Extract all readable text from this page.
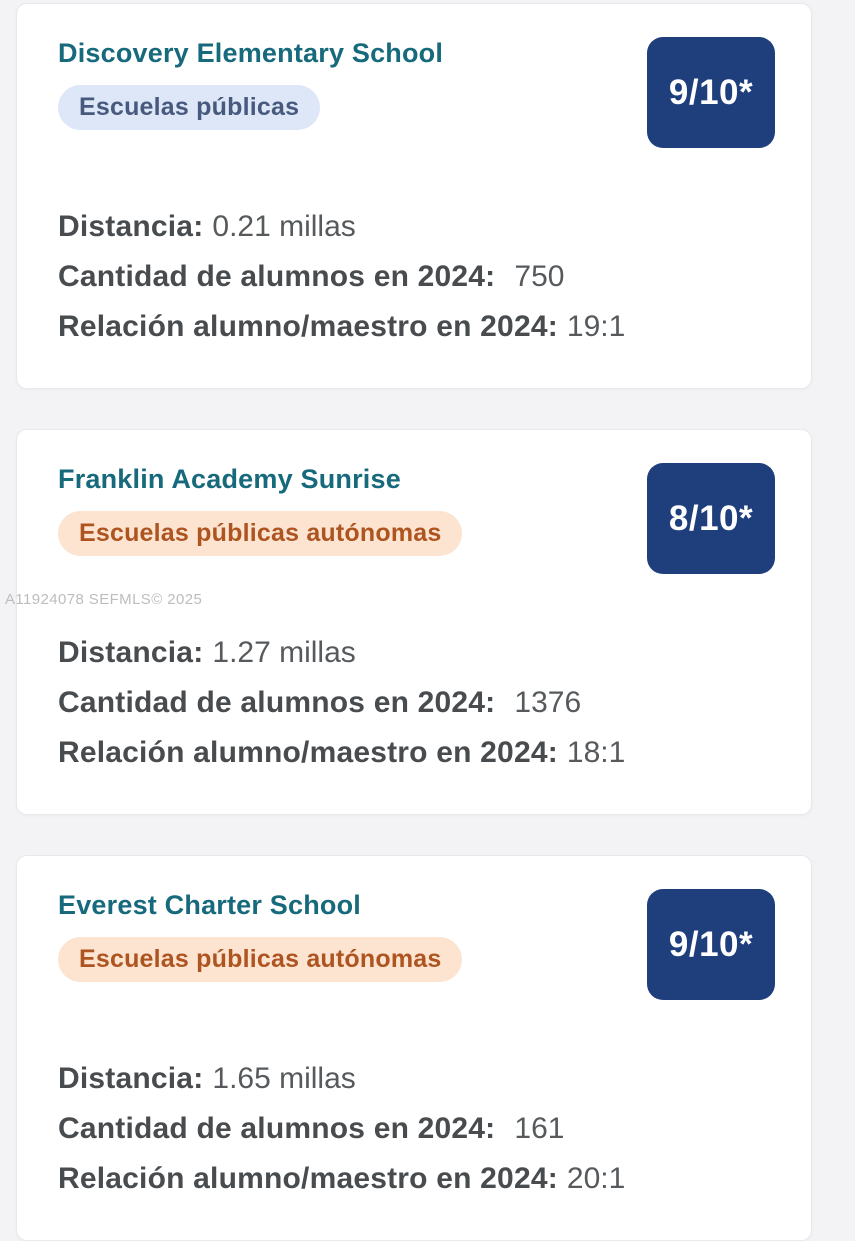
Discovery Elementary School
Escuelas públicas	9/10*
Distancia: 0.21 millas
Cantidad de alumnos en 2024: 750
Relación alumno/maestro en 2024: 19:1
Franklin Academy Sunrise
Escuelas públicas autónomas	8/10*
Distancia: 1.27 millas
Cantidad de alumnos en 2024: 1376
Relación alumno/maestro en 2024: 18:1
Everest Charter School
Escuelas públicas autónomas	9/10*
Distancia: 1.65 millas
Cantidad de alumnos en 2024: 161
Relación alumno/maestro en 2024: 20:1
A11924078 SEFMLS© 2025
